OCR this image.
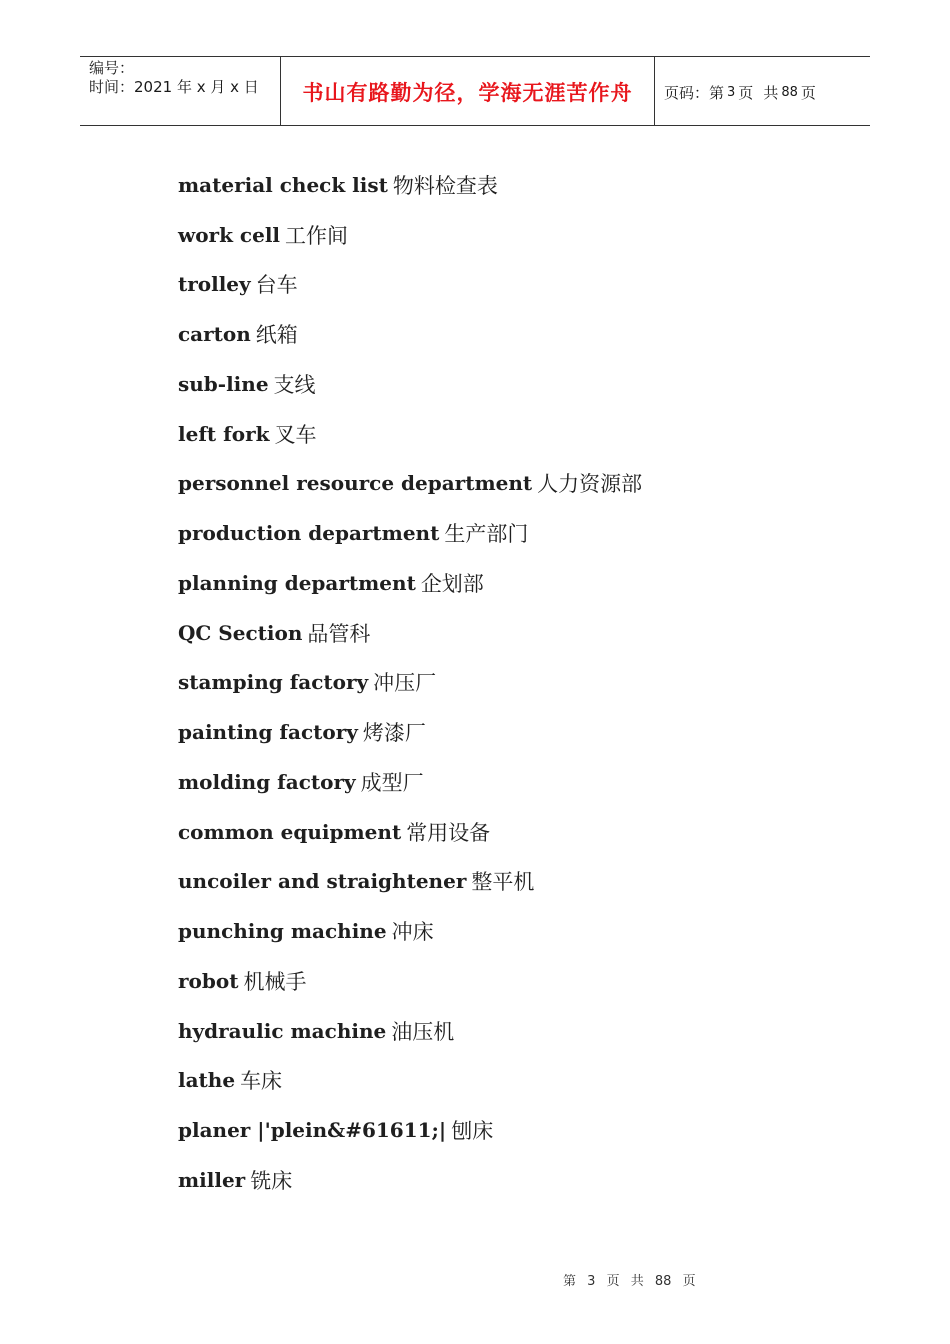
编号：
时间：2021 年 x 月 x 日	书山有路勤为径，学海无涯苦作舟 页码：第 3 页 共 88 页
material check list 物料检查表
work cell 工作间
trolley 台车
carton 纸箱
sub-line 支线
left fork 叉车
personnel resource department 人力资源部
production department 生产部门
planning department 企划部
QC Section 品管科
stamping factory 冲压厂
painting factory 烤漆厂
molding factory 成型厂
common equipment 常用设备
uncoiler and straightener 整平机
punching machine 冲床
robot 机械手
hydraulic machine 油压机
lathe 车床
planer |'plein&#61611;| 刨床
miller 铣床
第 3 页 共 88 页
